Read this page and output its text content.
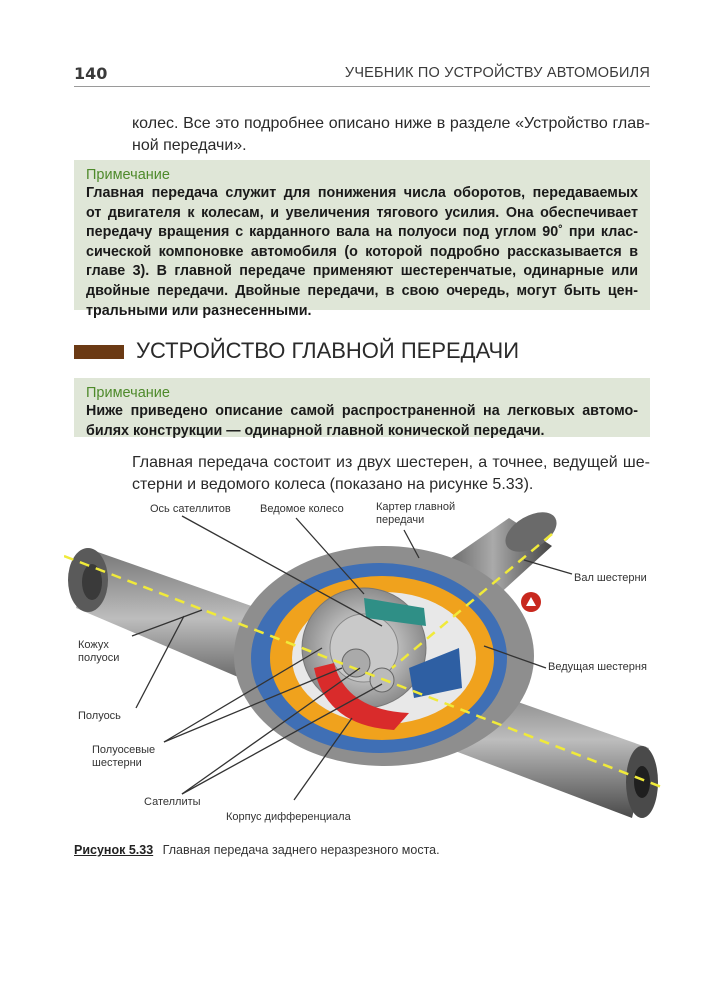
140	УЧЕБНИК ПО УСТРОЙСТВУ АВТОМОБИЛЯ
колес. Все это подробнее описано ниже в разделе «Устройство глав-
ной передачи».
Примечание
Главная передача служит для понижения числа оборотов, передаваемых
от двигателя к колесам, и увеличения тягового усилия. Она обеспечивает
передачу вращения с карданного вала на полуоси под углом 90˚ при клас-
сической компоновке автомобиля (о которой подробно рассказывается в
главе 3). В главной передаче применяют шестеренчатые, одинарные или
двойные передачи. Двойные передачи, в свою очередь, могут быть цен-
тральными или разнесенными.
УСТРОЙСТВО ГЛАВНОЙ ПЕРЕДАЧИ
Примечание
Ниже приведено описание самой распространенной на легковых автомо-
билях конструкции — одинарной главной конической передачи.
Главная передача состоит из двух шестерен, а точнее, ведущей ше-
стерни и ведомого колеса (показано на рисунке 5.33).
Ось сателлитов	Ведомое колесо	Картер главной
передачи
Вал шестерни
Кожух
полуоси
Ведущая шестерня
Полуось
Полуосевые
шестерни
Сателлиты
Корпус дифференциала
Рисунок 5.33 Главная передача заднего неразрезного моста.
